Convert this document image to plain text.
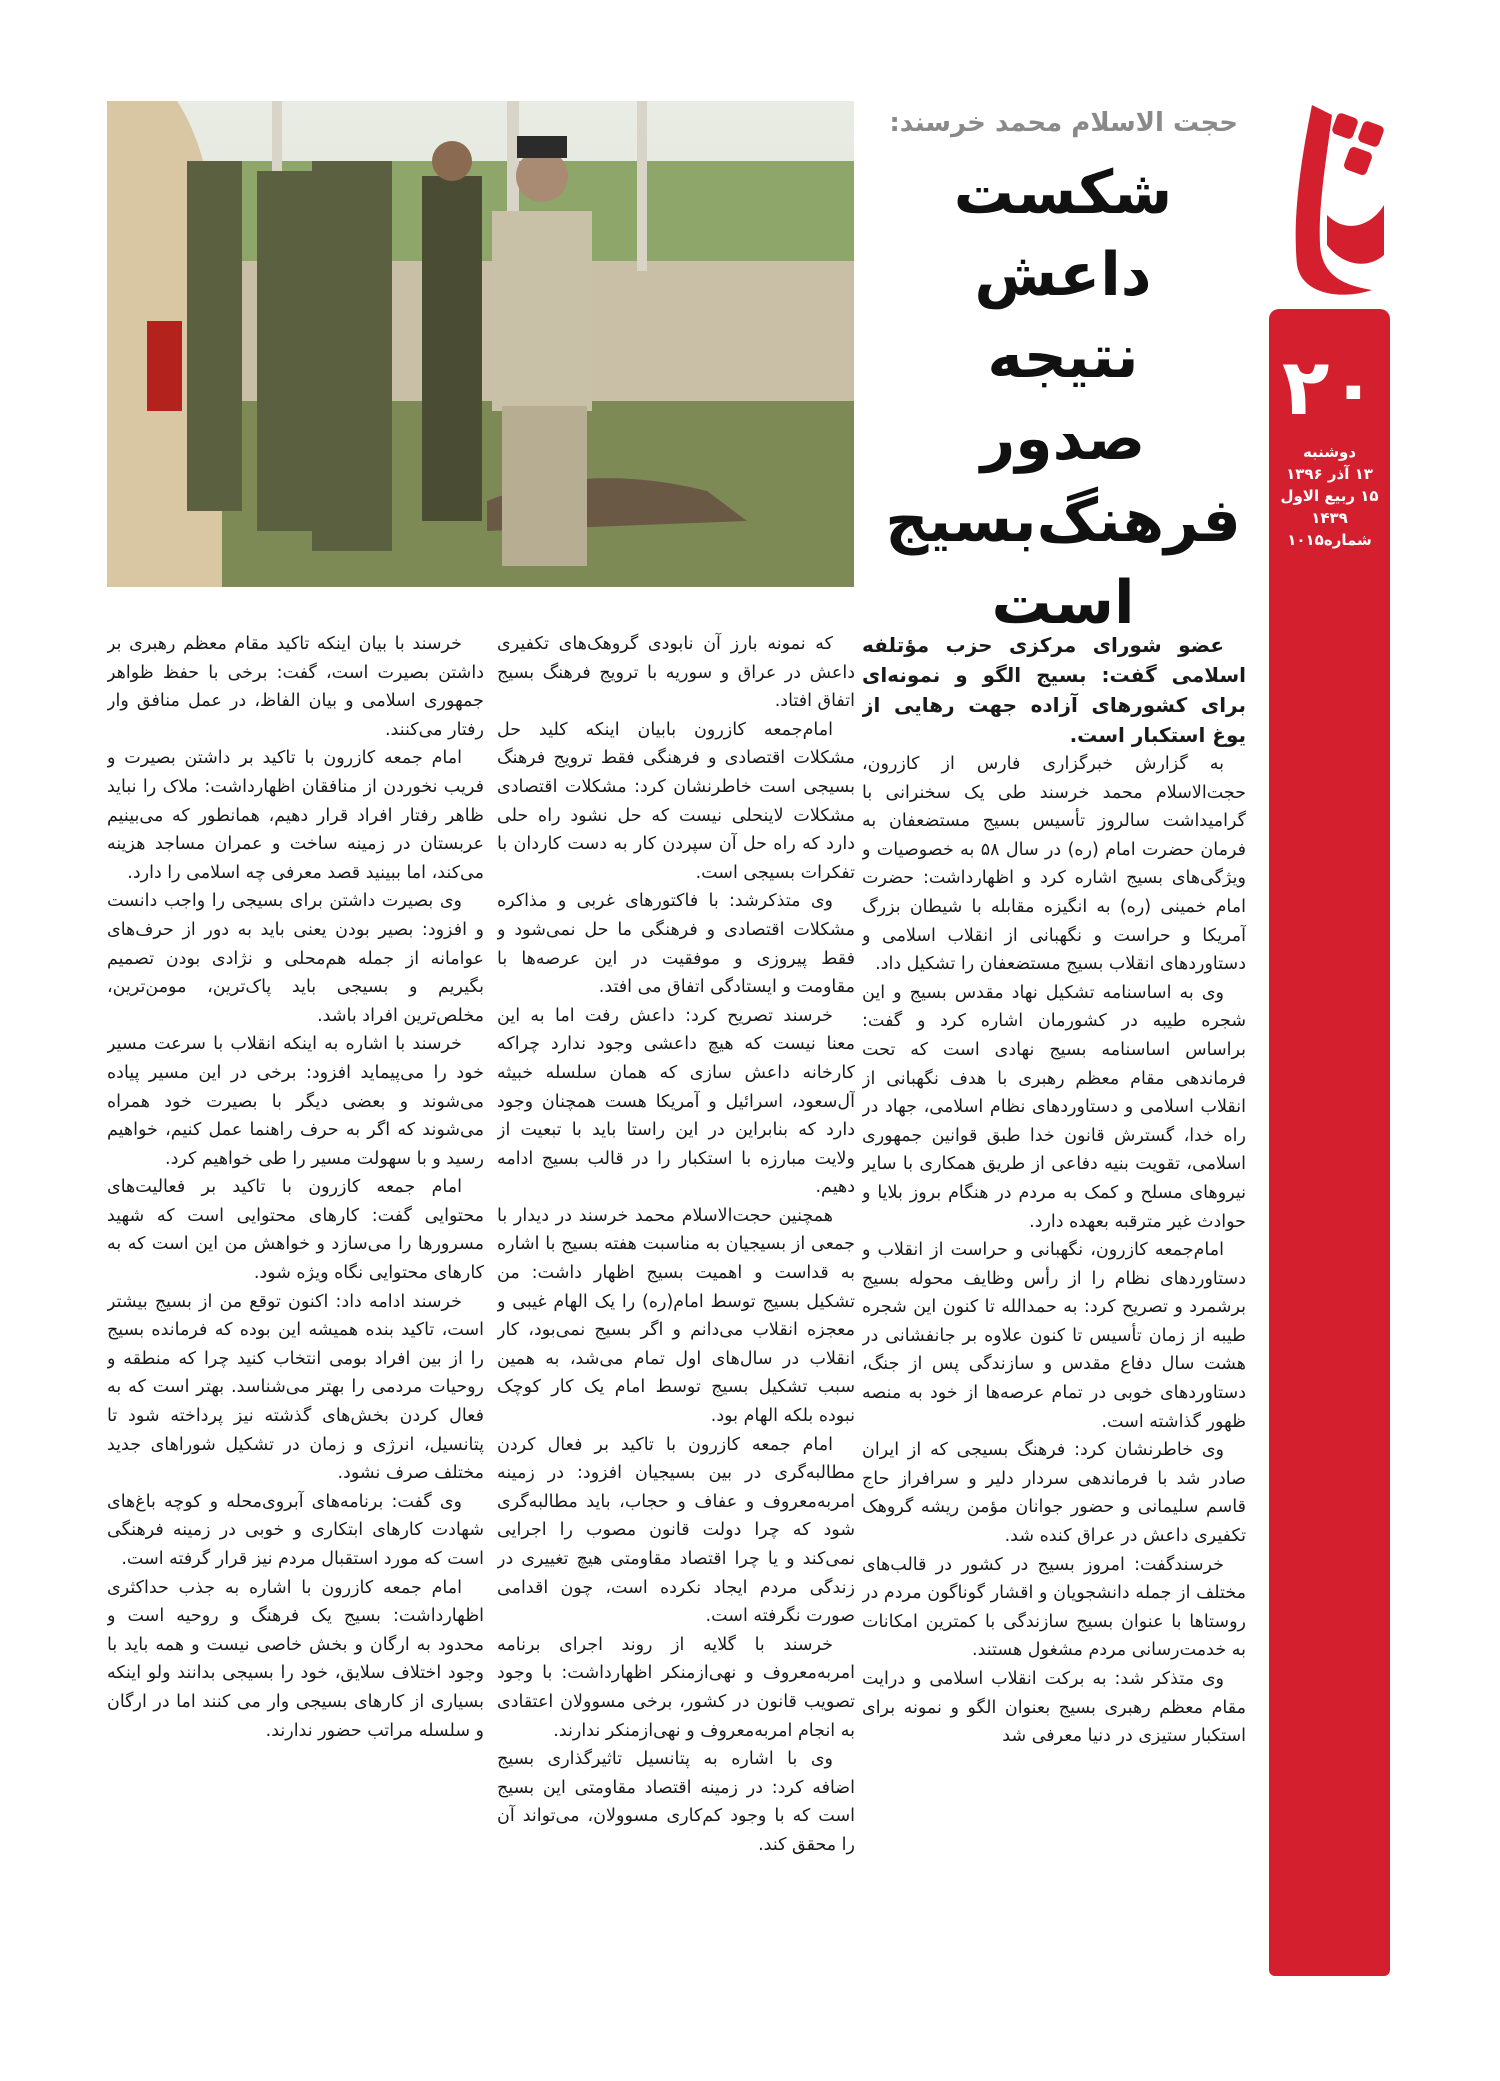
۲۰
دوشنبه
۱۳ آذر ۱۳۹۶
۱۵ ربیع الاول ۱۴۳۹
شماره۱۰۱۵
حجت الاسلام محمد خرسند:
شکست داعش
نتیجه
صدور
فرهنگ‌بسیج
است

عضو شورای مرکزی حزب مؤتلفه اسلامی گفت: بسیج الگو و نمونه‌ای برای کشورهای آزاده جهت رهایی از یوغ استکبار است.

به گزارش خبرگزاری فارس از کازرون، حجت‌الاسلام محمد خرسند طی یک سخنرانی با گرامیداشت سالروز تأسیس بسیج مستضعفان به فرمان حضرت امام (ره) در سال ۵۸ به خصوصیات و ویژگی‌های بسیج اشاره کرد و اظهارداشت: حضرت امام خمینی (ره) به انگیزه مقابله با شیطان بزرگ آمریکا و حراست و نگهبانی از انقلاب اسلامی و دستاوردهای انقلاب بسیج مستضعفان را تشکیل داد.

وی به اساسنامه تشکیل نهاد مقدس بسیج و این شجره طیبه در کشورمان اشاره کرد و گفت: براساس اساسنامه بسیج نهادی است که تحت فرماندهی مقام معظم رهبری با هدف نگهبانی از انقلاب اسلامی و دستاوردهای نظام اسلامی، جهاد در راه خدا، گسترش قانون خدا طبق قوانین جمهوری اسلامی، تقویت بنیه دفاعی از طریق همکاری با سایر نیروهای مسلح و کمک به مردم در هنگام بروز بلایا و حوادث غیر مترقبه بعهده دارد.

امام‌جمعه کازرون، نگهبانی و حراست از انقلاب و دستاوردهای نظام را از رأس وظایف محوله بسیج برشمرد و تصریح کرد: به حمدالله تا کنون این شجره طیبه از زمان تأسیس تا کنون علاوه بر جانفشانی در هشت سال دفاع مقدس و سازندگی پس از جنگ، دستاوردهای خوبی در تمام عرصه‌ها از خود به منصه ظهور گذاشته است.

وی خاطرنشان کرد: فرهنگ بسیجی که از ایران صادر شد با فرماندهی سردار دلیر و سرافراز حاج قاسم سلیمانی و حضور جوانان مؤمن ریشه گروهک تکفیری داعش در عراق کنده شد.

خرسندگفت: امروز بسیج در کشور در قالب‌های مختلف از جمله دانشجویان و اقشار گوناگون مردم در روستاها با عنوان بسیج سازندگی با کمترین امکانات به خدمت‌رسانی مردم مشغول هستند.

وی متذکر شد: به برکت انقلاب اسلامی و درایت مقام معظم رهبری بسیج بعنوان الگو و نمونه برای استکبار ستیزی در دنیا معرفی شد

که نمونه بارز آن نابودی گروهک‌های تکفیری داعش در عراق و سوریه با ترویج فرهنگ بسیج اتفاق افتاد.

امام‌جمعه کازرون بابیان اینکه کلید حل مشکلات اقتصادی و فرهنگی فقط ترویج فرهنگ بسیجی است خاطرنشان کرد: مشکلات اقتصادی مشکلات لاینحلی نیست که حل نشود راه حلی دارد که راه حل آن سپردن کار به دست کاردان با تفکرات بسیجی است.

وی متذکرشد: با فاکتورهای غربی و مذاکره مشکلات اقتصادی و فرهنگی ما حل نمی‌شود و فقط پیروزی و موفقیت در این عرصه‌ها با مقاومت و ایستادگی اتفاق می افتد.

خرسند تصریح کرد: داعش رفت اما به این معنا نیست که هیچ داعشی وجود ندارد چراکه کارخانه داعش سازی که همان سلسله خبیثه آل‌سعود، اسرائیل و آمریکا هست همچنان وجود دارد که بنابراین در این راستا باید با تبعیت از ولایت مبارزه با استکبار را در قالب بسیج ادامه دهیم.

همچنین حجت‌الاسلام محمد خرسند در دیدار با جمعی از بسیجیان به مناسبت هفته بسیج با اشاره به قداست و اهمیت بسیج اظهار داشت: من تشکیل بسیج توسط امام(ره) را یک الهام غیبی و معجزه انقلاب می‌دانم و اگر بسیج نمی‌بود، کار انقلاب در سال‌های اول تمام می‌شد، به همین سبب تشکیل بسیج توسط امام یک کار کوچک نبوده بلکه الهام بود.

امام جمعه کازرون با تاکید بر فعال کردن مطالبه‌گری در بین بسیجیان افزود: در زمینه امربه‌معروف و عفاف و حجاب، باید مطالبه‌گری شود که چرا دولت قانون مصوب را اجرایی نمی‌کند و یا چرا اقتصاد مقاومتی هیچ تغییری در زندگی مردم ایجاد نکرده است، چون اقدامی صورت نگرفته است.

خرسند با گلایه از روند اجرای برنامه امربه‌معروف و نهی‌ازمنکر اظهارداشت: با وجود تصویب قانون در کشور، برخی مسوولان اعتقادی به انجام امربه‌معروف و نهی‌ازمنکر ندارند.

وی با اشاره به پتانسیل تاثیرگذاری بسیج اضافه کرد: در زمینه اقتصاد مقاومتی این بسیج است که با وجود کم‌کاری مسوولان، می‌تواند آن را محقق کند.

خرسند با بیان اینکه تاکید مقام معظم رهبری بر داشتن بصیرت است، گفت: برخی با حفظ ظواهر جمهوری اسلامی و بیان الفاظ، در عمل منافق وار رفتار می‌کنند.

امام جمعه کازرون با تاکید بر داشتن بصیرت و فریب نخوردن از منافقان اظهارداشت: ملاک را نباید ظاهر رفتار افراد قرار دهیم، همانطور که می‌بینیم عربستان در زمینه ساخت و عمران مساجد هزینه می‌کند، اما ببینید قصد معرفی چه اسلامی را دارد.

وی بصیرت داشتن برای بسیجی را واجب دانست و افزود: بصیر بودن یعنی باید به دور از حرف‌های عوامانه از جمله هم‌محلی و نژادی بودن تصمیم بگیریم و بسیجی باید پاک‌ترین، مومن‌ترین، مخلص‌ترین افراد باشد.

خرسند با اشاره به اینکه انقلاب با سرعت مسیر خود را می‌پیماید افزود: برخی در این مسیر پیاده می‌شوند و بعضی دیگر با بصیرت خود همراه می‌شوند که اگر به حرف راهنما عمل کنیم، خواهیم رسید و با سهولت مسیر را طی خواهیم کرد.

امام جمعه کازرون با تاکید بر فعالیت‌های محتوایی گفت: کارهای محتوایی است که شهید مسرورها را می‌سازد و خواهش من این است که به کارهای محتوایی نگاه ویژه شود.

خرسند ادامه داد: اکنون توقع من از بسیج بیشتر است، تاکید بنده همیشه این بوده که فرمانده بسیج را از بین افراد بومی انتخاب کنید چرا که منطقه و روحیات مردمی را بهتر می‌شناسد. بهتر است که به فعال کردن بخش‌های گذشته نیز پرداخته شود تا پتانسیل، انرژی و زمان در تشکیل شوراهای جدید مختلف صرف نشود.

وی گفت: برنامه‌های آبروی‌محله و کوچه باغ‌های شهادت کارهای ابتکاری و خوبی در زمینه فرهنگی است که مورد استقبال مردم نیز قرار گرفته است.

امام جمعه کازرون با اشاره به جذب حداکثری اظهارداشت: بسیج یک فرهنگ و روحیه است و محدود به ارگان و بخش خاصی نیست و همه باید با وجود اختلاف سلایق، خود را بسیجی بدانند ولو اینکه بسیاری از کارهای بسیجی وار می کنند اما در ارگان و سلسله مراتب حضور ندارند.
